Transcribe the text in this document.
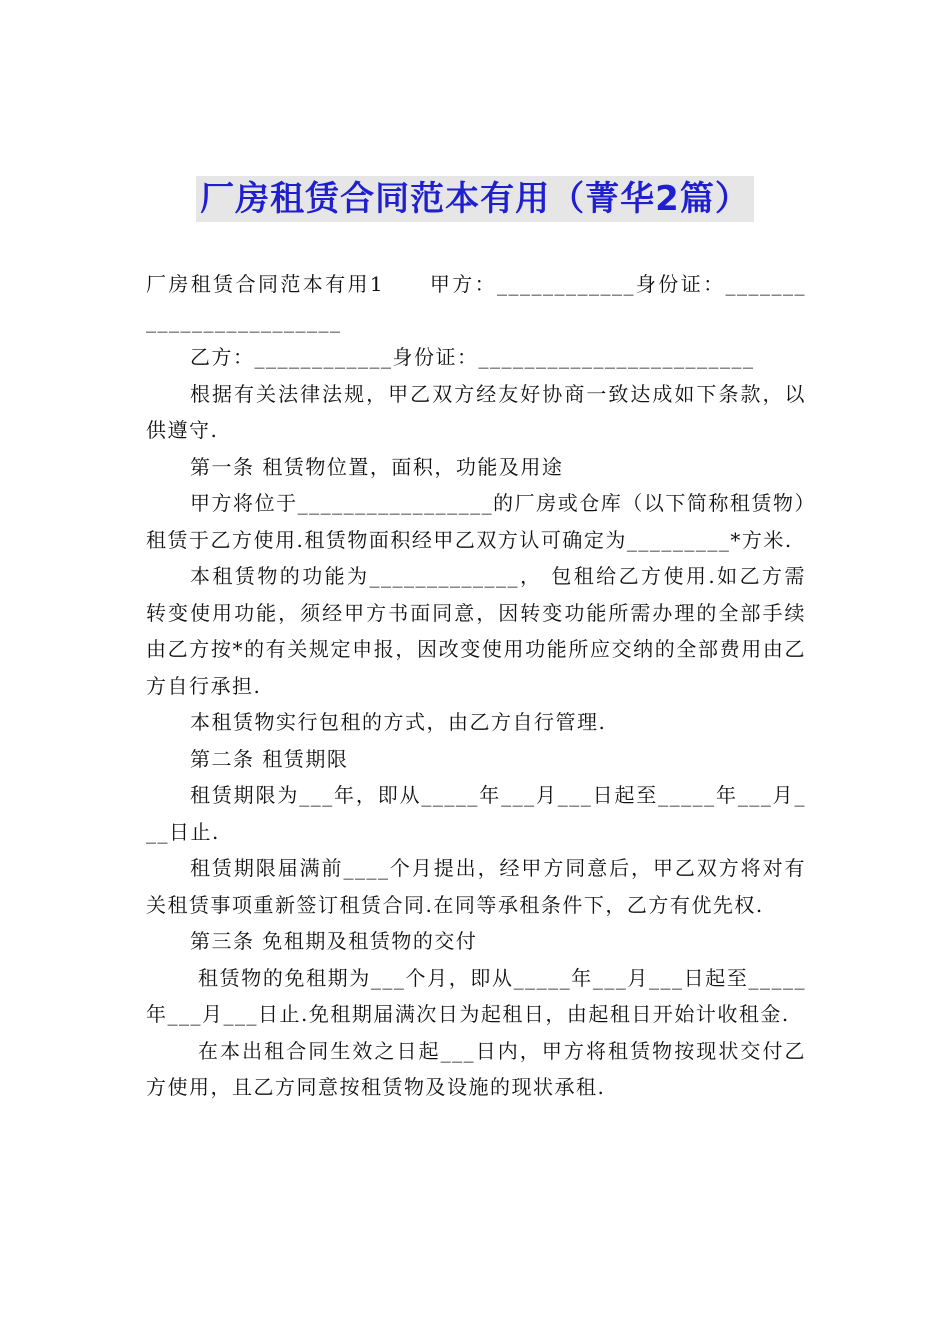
厂房租赁合同范本有用（菁华2篇）

厂房租赁合同范本有用1　　甲方：____________身份证：_______ _________________

乙方：____________身份证：________________________

根据有关法律法规，甲乙双方经友好协商一致达成如下条款，以供遵守.

第一条 租赁物位置，面积，功能及用途

甲方将位于_________________的厂房或仓库（以下简称租赁物）租赁于乙方使用.租赁物面积经甲乙双方认可确定为_________*方米.

本租赁物的功能为_____________， 包租给乙方使用.如乙方需转变使用功能，须经甲方书面同意，因转变功能所需办理的全部手续由乙方按*的有关规定申报，因改变使用功能所应交纳的全部费用由乙方自行承担.

本租赁物实行包租的方式，由乙方自行管理.

第二条 租赁期限

租赁期限为___年，即从_____年___月___日起至_____年___月___日止.

租赁期限届满前____个月提出，经甲方同意后，甲乙双方将对有关租赁事项重新签订租赁合同.在同等承租条件下，乙方有优先权.

第三条 免租期及租赁物的交付

租赁物的免租期为___个月，即从_____年___月___日起至_____年___月___日止.免租期届满次日为起租日，由起租日开始计收租金.

在本出租合同生效之日起___日内，甲方将租赁物按现状交付乙方使用，且乙方同意按租赁物及设施的现状承租.
